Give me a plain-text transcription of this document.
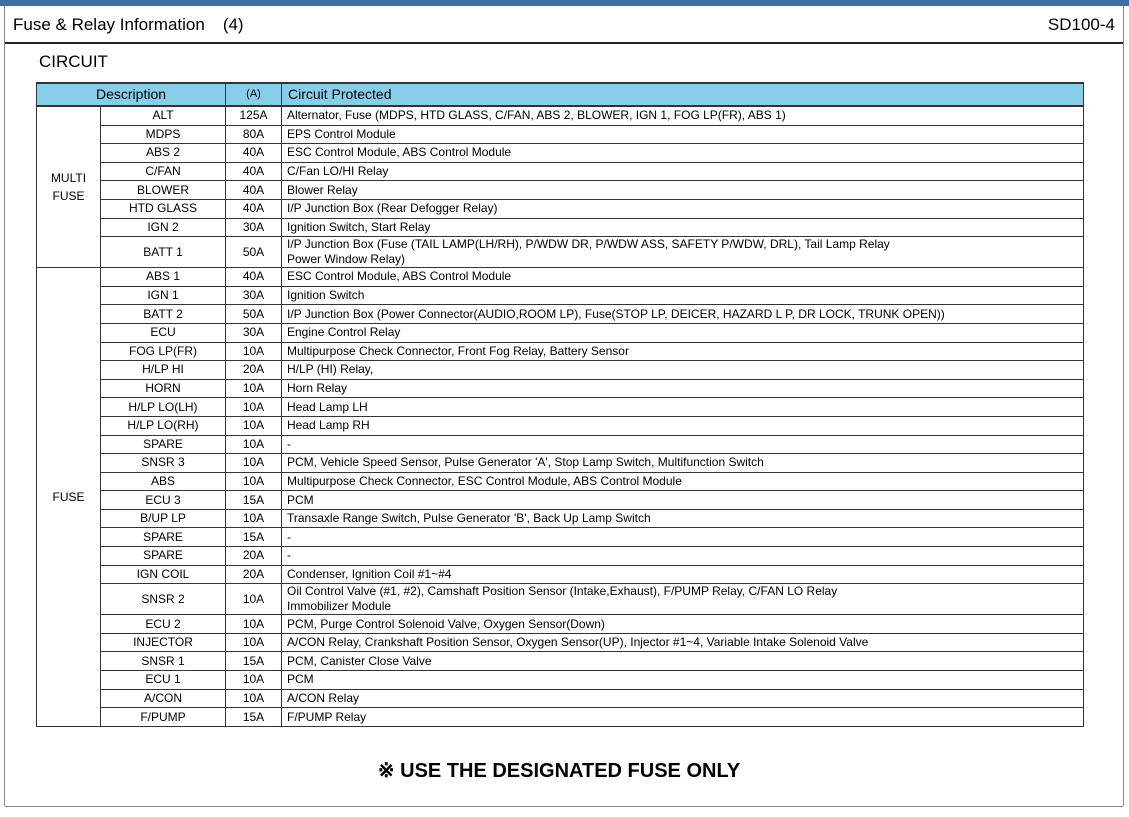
Fuse & Relay Information (4)	SD100-4
CIRCUIT
Description		(A)	Circuit Protected

MULTI
FUSE	ALT	125A	Alternator, Fuse (MDPS, HTD GLASS, C/FAN, ABS 2, BLOWER, IGN 1, FOG LP(FR), ABS 1)

	MDPS	80A	EPS Control Module

	ABS 2	40A	ESC Control Module, ABS Control Module

	C/FAN	40A	C/Fan LO/HI Relay

	BLOWER	40A	Blower Relay

	HTD GLASS	40A	I/P Junction Box (Rear Defogger Relay)

	IGN 2	30A	Ignition Switch, Start Relay

	BATT 1	50A	I/P Junction Box (Fuse (TAIL LAMP(LH/RH), P/WDW DR, P/WDW ASS, SAFETY P/WDW, DRL), Tail Lamp Relay
Power Window Relay)

FUSE	ABS 1	40A	ESC Control Module, ABS Control Module

	IGN 1	30A	Ignition Switch

	BATT 2	50A	I/P Junction Box (Power Connector(AUDIO,ROOM LP), Fuse(STOP LP, DEICER, HAZARD L P, DR LOCK, TRUNK OPEN))

	ECU	30A	Engine Control Relay

	FOG LP(FR)	10A	Multipurpose Check Connector, Front Fog Relay, Battery Sensor

	H/LP HI	20A	H/LP (HI) Relay,

	HORN	10A	Horn Relay

	H/LP LO(LH)	10A	Head Lamp LH

	H/LP LO(RH)	10A	Head Lamp RH

	SPARE	10A	-

	SNSR 3	10A	PCM, Vehicle Speed Sensor, Pulse Generator 'A', Stop Lamp Switch, Multifunction Switch

	ABS	10A	Multipurpose Check Connector, ESC Control Module, ABS Control Module

	ECU 3	15A	PCM

	B/UP LP	10A	Transaxle Range Switch, Pulse Generator 'B', Back Up Lamp Switch

	SPARE	15A	-

	SPARE	20A	-

	IGN COIL	20A	Condenser, Ignition Coil #1~#4

	SNSR 2	10A	Oil Control Valve (#1, #2), Camshaft Position Sensor (Intake,Exhaust), F/PUMP Relay, C/FAN LO Relay
Immobilizer Module

	ECU 2	10A	PCM, Purge Control Solenoid Valve, Oxygen Sensor(Down)

	INJECTOR	10A	A/CON Relay, Crankshaft Position Sensor, Oxygen Sensor(UP), Injector #1~4, Variable Intake Solenoid Valve

	SNSR 1	15A	PCM, Canister Close Valve

	ECU 1	10A	PCM

	A/CON	10A	A/CON Relay

	F/PUMP	15A	F/PUMP Relay
※ USE THE DESIGNATED FUSE ONLY
